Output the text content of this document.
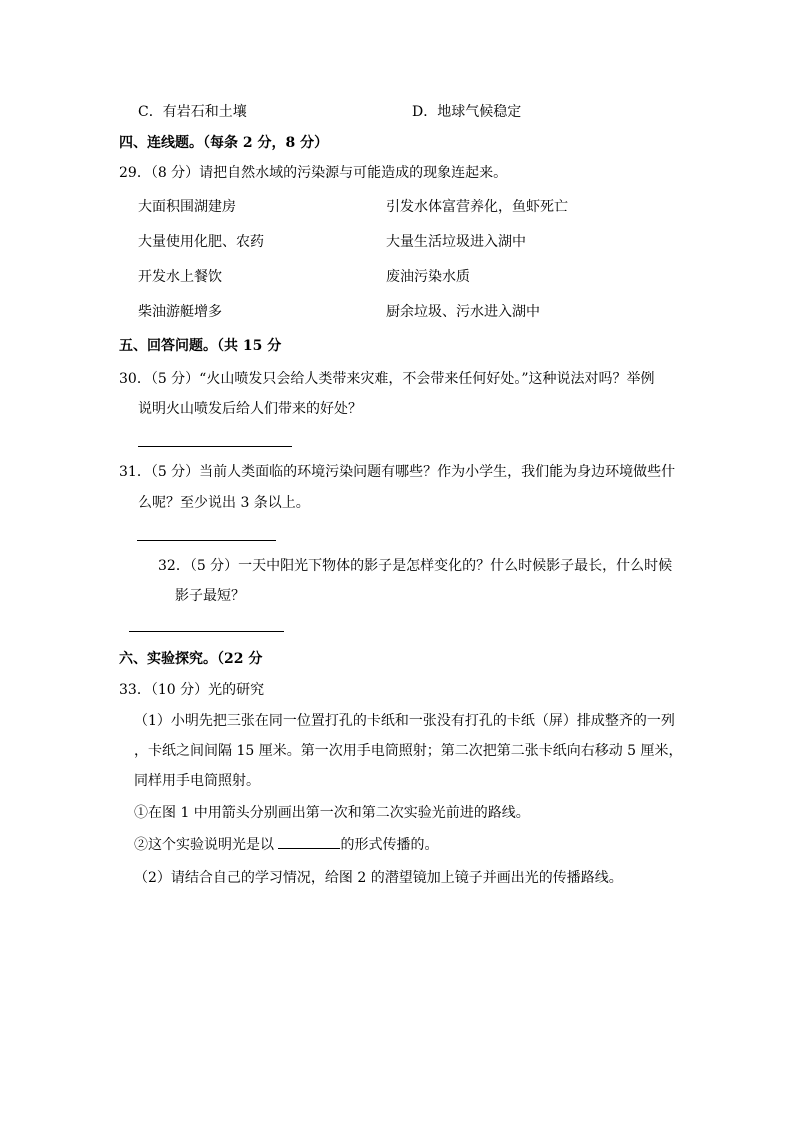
C．有岩石和土壤	D．地球气候稳定
四、连线题。（每条 2 分，8 分）
29．（8 分）请把自然水域的污染源与可能造成的现象连起来。
大面积围湖建房
大量使用化肥、农药
开发水上餐饮
柴油游艇增多
引发水体富营养化，鱼虾死亡
大量生活垃圾进入湖中
废油污染水质
厨余垃圾、污水进入湖中
五、回答问题。（共 15 分
30．（5 分）“火山喷发只会给人类带来灾难，不会带来任何好处。”这种说法对吗？举例
说明火山喷发后给人们带来的好处？
31．（5 分）当前人类面临的环境污染问题有哪些？作为小学生，我们能为身边环境做些什
么呢？至少说出 3 条以上。
32．（5 分）一天中阳光下物体的影子是怎样变化的？什么时候影子最长，什么时候
影子最短？
六、实验探究。（22 分
33．（10 分）光的研究
（1）小明先把三张在同一位置打孔的卡纸和一张没有打孔的卡纸（屏）排成整齐的一列
，卡纸之间间隔 15 厘米。第一次用手电筒照射；第二次把第二张卡纸向右移动 5 厘米，
同样用手电筒照射。
①在图 1 中用箭头分别画出第一次和第二次实验光前进的路线。
②这个实验说明光是以	的形式传播的。
（2）请结合自己的学习情况，给图 2 的潜望镜加上镜子并画出光的传播路线。
